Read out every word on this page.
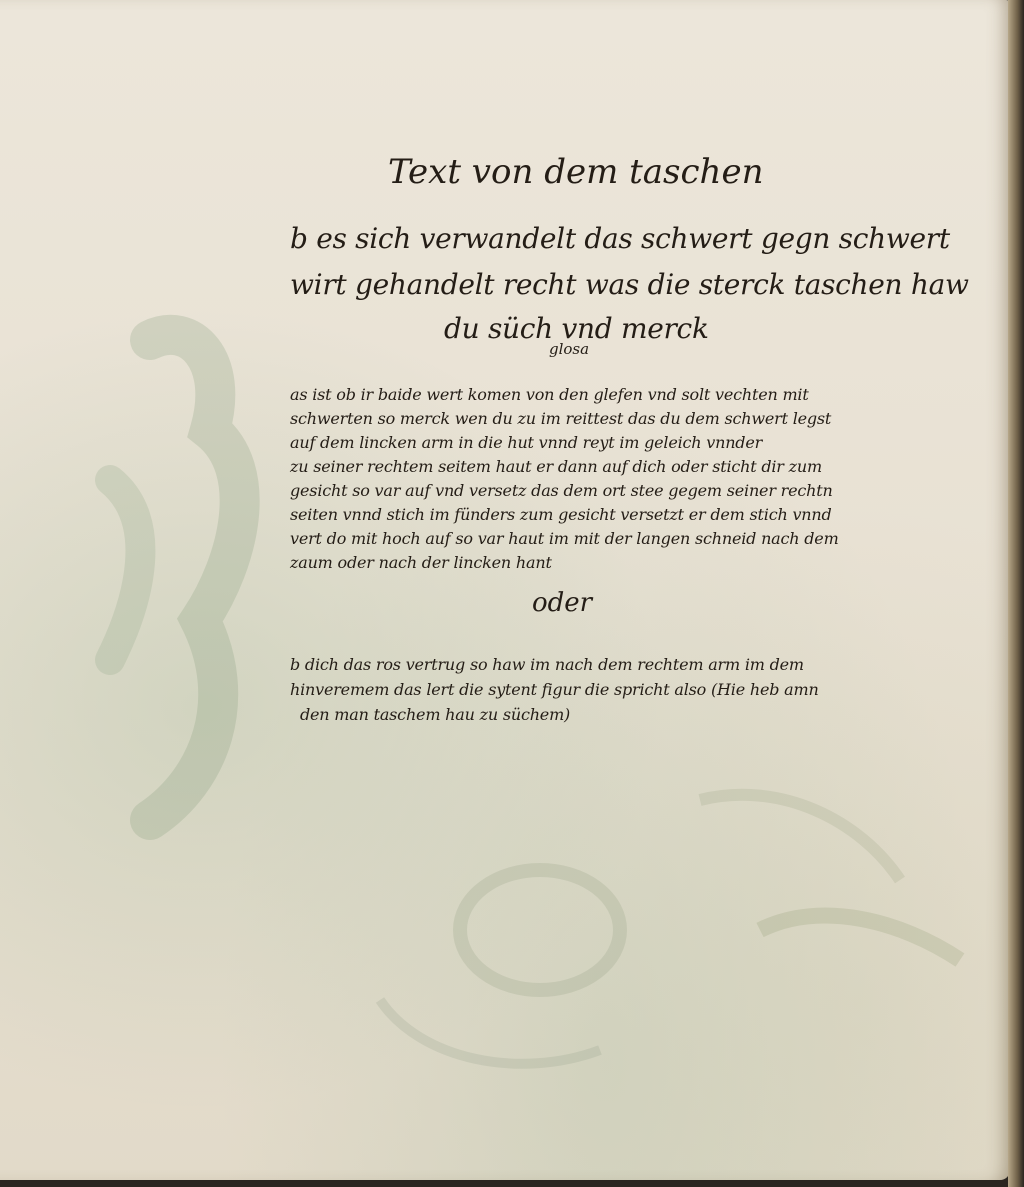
Text von dem taschen

b es sich verwandelt das schwert gegn schwert

wirt gehandelt recht was die sterck taschen haw

du süch vnd merck

glosa

as ist ob ir baide wert komen von den glefen vnd solt vechten mit

schwerten so merck wen du zu im reittest das du dem schwert legst

auf dem lincken arm in die hut vnnd reyt im geleich vnnder

zu seiner rechtem seitem haut er dann auf dich oder sticht dir zum

gesicht so var auf vnd versetz das dem ort stee gegem seiner rechtn

seiten vnnd stich im fünders zum gesicht versetzt er dem stich vnnd

vert do mit hoch auf so var haut im mit der langen schneid nach dem

zaum oder nach der lincken hant

oder

b dich das ros vertrug so haw im nach dem rechtem arm im dem

hinveremem das lert die sytent figur die spricht also (Hie heb amn

den man taschem hau zu süchem)
